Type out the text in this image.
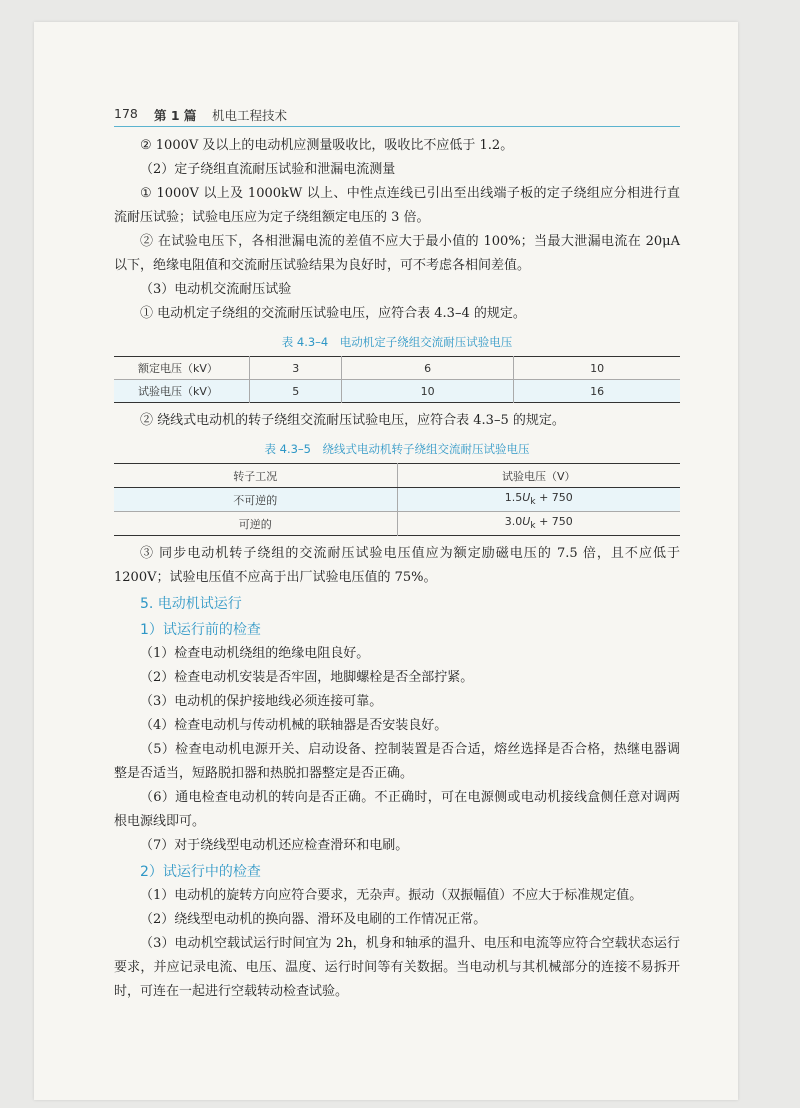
178 第 1 篇 机电工程技术

② 1000V 及以上的电动机应测量吸收比，吸收比不应低于 1.2。

（2）定子绕组直流耐压试验和泄漏电流测量

① 1000V 以上及 1000kW 以上、中性点连线已引出至出线端子板的定子绕组应分相进行直流耐压试验；试验电压应为定子绕组额定电压的 3 倍。

② 在试验电压下，各相泄漏电流的差值不应大于最小值的 100%；当最大泄漏电流在 20μA 以下，绝缘电阻值和交流耐压试验结果为良好时，可不考虑各相间差值。

（3）电动机交流耐压试验

① 电动机定子绕组的交流耐压试验电压，应符合表 4.3–4 的规定。

表 4.3–4　电动机定子绕组交流耐压试验电压
额定电压（kV）	3	6	10
试验电压（kV）	5	10	16

② 绕线式电动机的转子绕组交流耐压试验电压，应符合表 4.3–5 的规定。

表 4.3–5　绕线式电动机转子绕组交流耐压试验电压
转子工况	试验电压（V）
不可逆的	$1.5U_k + 750$
可逆的	$3.0U_k + 750$

③ 同步电动机转子绕组的交流耐压试验电压值应为额定励磁电压的 7.5 倍，且不应低于 1200V；试验电压值不应高于出厂试验电压值的 75%。

5. 电动机试运行
1）试运行前的检查

（1）检查电动机绕组的绝缘电阻良好。

（2）检查电动机安装是否牢固，地脚螺栓是否全部拧紧。

（3）电动机的保护接地线必须连接可靠。

（4）检查电动机与传动机械的联轴器是否安装良好。

（5）检查电动机电源开关、启动设备、控制装置是否合适，熔丝选择是否合格，热继电器调整是否适当，短路脱扣器和热脱扣器整定是否正确。

（6）通电检查电动机的转向是否正确。不正确时，可在电源侧或电动机接线盒侧任意对调两根电源线即可。

（7）对于绕线型电动机还应检查滑环和电刷。

2）试运行中的检查

（1）电动机的旋转方向应符合要求，无杂声。振动（双振幅值）不应大于标准规定值。

（2）绕线型电动机的换向器、滑环及电刷的工作情况正常。

（3）电动机空载试运行时间宜为 2h，机身和轴承的温升、电压和电流等应符合空载状态运行要求，并应记录电流、电压、温度、运行时间等有关数据。当电动机与其机械部分的连接不易拆开时，可连在一起进行空载转动检查试验。
